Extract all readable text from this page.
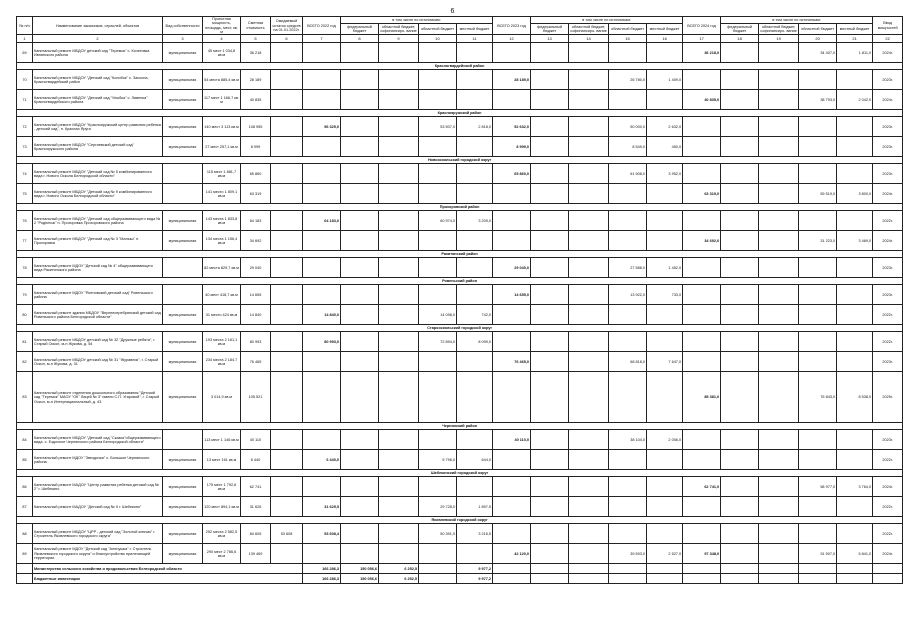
6
№ п/п	Наименование заказчиков, отраслей, объектов	Вид собственности	Проектная мощность, площадь, мест, кв. м	Сметная стоимость	Ожидаемый остаток средств на 01.01.2022г.	ВСЕГО 2022 год	в том числе по источникам:				ВСЕГО 2023 год	в том числе по источникам:				ВСЕГО 2024 год	в том числе по источникам:				Ввод мощностей
							федеральный бюджет	областной бюджет, софинансиро- вание	областной бюджет	местный бюджет		федеральный бюджет	областной бюджет, софинансиро- вание	областной бюджет	местный бюджет		федеральный бюджет	областной бюджет, софинансиро- вание	областной бюджет	местный бюджет	
1	2	3	4	5	6	7	8	9	10	11	12	13	14	15	16	17	18	19	20	21	22
69	Капитальный ремонт МБДОУ детский сад "Теремок" с. Кочетовка Ивнянского района	муниципальная	45 мест 1 034,8 кв.м	36 218												36 218,0			34 407,0	1 811,0	2024г.
Красногвардейский район																					
70	Капитальный ремонт МБДОУ "Детский сад "Колобок" с. Засосна, Красногвардейский район	муниципальная	54 места 885,4 кв.м	28 189							28 189,0			26 780,0	1 409,0						2023г.
71	Капитальный ремонт МБДОУ "Детский сад "Улыбка" с. Ливенка" Красногвардейского района	муниципальная	117 мест 1 166,7 кв. м	40 835												40 835,0			38 793,0	2 042,0	2024г.
Краснояружский район																					
72	Капитальный ремонт МБДОУ "Краснояружский центр развития ребенка - детский сад", п. Красная Яруга	муниципальная	140 мест 3 113 кв.м	108 955		56 325,0			53 507,0	2 818,0	52 632,0			50 000,0	2 632,0						2023г.
73	Капитальный ремонт МБДОУ "Сергиевский детский сад" Краснояружского района	муниципальная	27 мест 257,1 кв.м	8 999							8 999,0			8 549,0	450,0						2023г.
Новооскольский городской округ																					
74	Капитальный ремонт МБДОУ "Детский сад № 5 комбинированного вида г. Нового Оскола Белгородской области"		115 мест 1 881,7 кв.м	65 860							65 860,0			61 908,0	3 952,0						2023г.
75	Капитальный ремонт МБДОУ "Детский сад № 9 комбинированного вида г. Нового Оскола Белгородской области"		141 место 1 809,1 кв.м	63 319												63 319,0			59 519,0	3 800,0	2024г.
Прохоровский район																					
76	Капитальный ремонт МБДОУ "Детский сад общеразвивающего вида № 2 "Родничок" п. Прохоровка Прохоровского района	муниципальная	143 места 1 833,8 кв.м	64 183		64 183,0			60 974,0	3 209,0											2022г.
77	Капитальный ремонт МБДОУ "Детский сад № 3 "Малыш" п. Прохоровка	муниципальная	134 места 1 156,4 кв.м	34 692												34 692,0			31 223,0	3 469,0	2024г.
Ракитянский район																					
78	Капитальный ремонт МДОУ "Детский сад № 4" общеразвивающего вида Ракитянского района		82 места 829,7 кв.м	29 040							29 040,0			27 588,0	1 452,0						2023г.
Ровеньский район																					
79	Капитальный ремонт МДОУ "Ясеновский детский сад" Ровеньского района		40 мест 418,7 кв.м	14 655							14 655,0			13 922,0	733,0						2023г.
80	Капитальный ремонт здания МБДОУ "Верхнесеребрянский детский сад Ровеньского района Белгородской области"	муниципальная	31 место 424 кв.м	14 840		14 840,0			14 098,0	742,0											2022г.
Старооскольский городской округ																					
81	Капитальный ремонт МБДОУ детский сад № 32 "Дружные ребята", г. Старый Оскол, м-н Жукова, д. 54	муниципальная	193 места 2 161,1 кв.м	80 993		80 993,0			72 894,0	8 099,0											2022г.
82	Капитальный ремонт МБДОУ детский сад № 31 "Журавлик", г. Старый Оскол, м-н Жукова, д. 31	муниципальная	234 места 2 184,7 кв.м	76 465							76 465,0			68 818,0	7 647,0						2023г.
83	Капитальный ремонт отделения дошкольного образования "Детский сад "Теремок" МАОУ "ОК" Лицей № 3" имени С.П. Угаровой", г. Старый Оскол, м-н Интернациональный, д. 43	муниципальная	3 014,9 кв.м	105 521												85 381,0			76 843,0	8 538,0	2025г.
Чернянский район																					
84	Капитальный ремонт МБДОУ "Детский сад "Сказка"общеразвивающего вида. с. Ездочное Чернянского района Белгородской области"		113 мест 1 146 кв.м	40 110							40 110,0			38 104,0	2 006,0						2023г.
85	Капитальный ремонт МДОУ "Звездочка" с. Большое Чернянского района	муниципальная	13 мест 161 кв.м	6 440		6 440,0			5 796,0	644,0											2022г.
Шебекинский городской округ																					
86	Капитальный ремонт МАДОУ "Центр развития ребенка детский сад № 2" г. Шебекино	муниципальная	175 мест 1 792,6 кв.м	62 741												62 741,0			58 977,0	3 764,0	2024г.
87	Капитальный ремонт МАДОУ "Детский сад № 9 г. Шебекино"	муниципальная	120 мест 894,1 кв.м	31 626		31 625,5			29 728,0	1 897,5											2022г.
Яковлевский городской округ																					
88	Капитальный ремонт МБДОУ "ЦРР - детский сад "Золотой ключик" г. Строитель Яковлевского городского округа"	муниципальная	252 места 2 582,5 кв.м	84 605	53 608	53 608,4			50 391,9	3 216,5											2022г.
89	Капитальный ремонт МДОУ "Детский сад "Аленушка" г. Строитель Яковлевского городского округа" и благоустройство прилегающей территории	муниципальная	290 мест 2 786,6 кв.м	139 469							42 120,0			39 593,0	2 527,0	97 348,0			91 507,0	5 841,0	2024г.
	Министерство сельского хозяйства и продовольствия Белгородской области					166 286,3	150 056,6	6 252,5		9 977,2											
	Бюджетные инвестиции					166 286,3	150 056,6	6 252,5		9 977,2											
